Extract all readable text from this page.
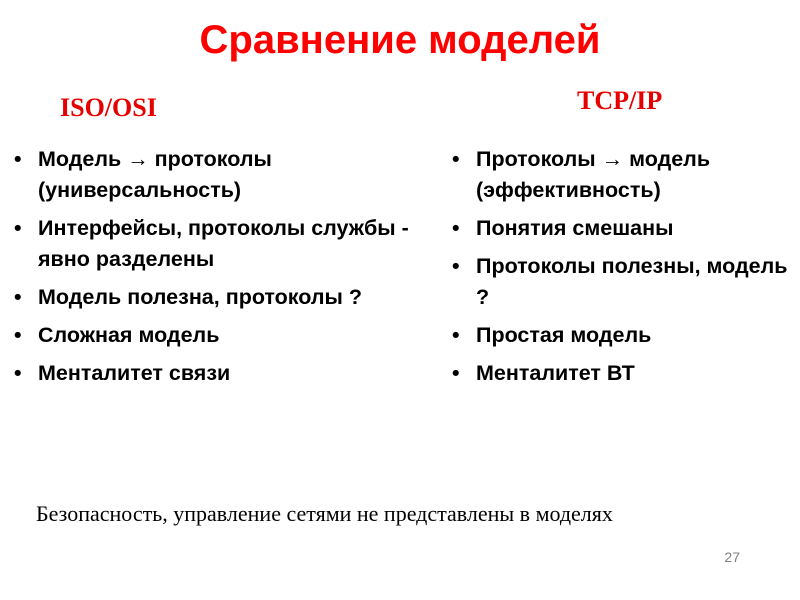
Сравнение моделей
ISO/OSI	TCP/IP
• Модель → протоколы (универсальность)
• Интерфейсы, протоколы службы - явно разделены
• Модель полезна, протоколы ?
• Сложная модель
• Менталитет связи
• Протоколы → модель (эффективность)
• Понятия смешаны
• Протоколы полезны, модель ?
• Простая модель
• Менталитет ВТ
Безопасность, управление сетями не представлены в моделях
27
